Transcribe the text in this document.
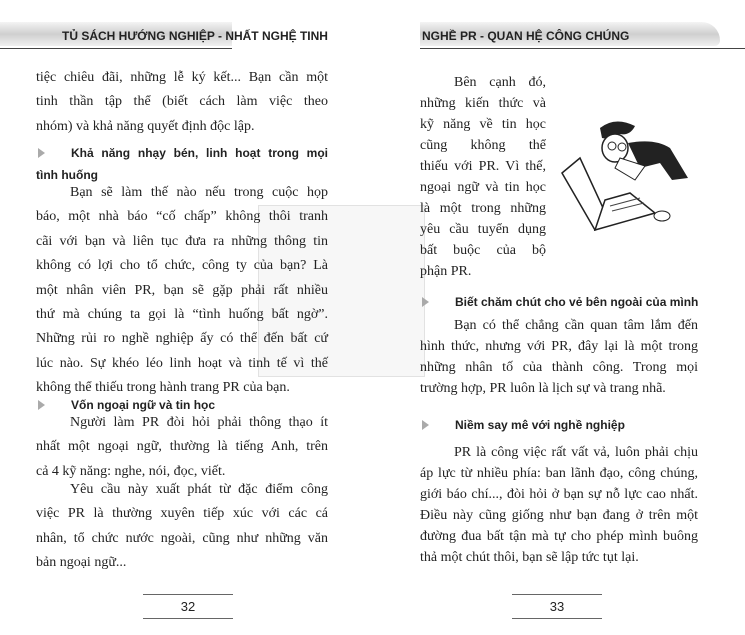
TỦ SÁCH HƯỚNG NGHIỆP - NHẤT NGHỆ TINH	NGHỀ PR - QUAN HỆ CÔNG CHÚNG
tiệc chiêu đãi, những lễ ký kết... Bạn cần một
tinh thần tập thể (biết cách làm việc theo
nhóm) và khả năng quyết định độc lập.
Khả năng nhạy bén, linh hoạt trong mọi
tình huống
Bạn sẽ làm thế nào nếu trong cuộc họp
báo, một nhà báo “cố chấp” không thôi tranh
cãi với bạn và liên tục đưa ra những thông tin
không có lợi cho tổ chức, công ty của bạn? Là
một nhân viên PR, bạn sẽ gặp phải rất nhiều
thứ mà chúng ta gọi là “tình huống bất ngờ”.
Những rủi ro nghề nghiệp ấy có thể đến bất cứ
lúc nào. Sự khéo léo linh hoạt và tinh tế vì thế
không thể thiếu trong hành trang PR của bạn.
Vốn ngoại ngữ và tin học
Người làm PR đòi hỏi phải thông thạo ít
nhất một ngoại ngữ, thường là tiếng Anh, trên
cả 4 kỹ năng: nghe, nói, đọc, viết.
Yêu cầu này xuất phát từ đặc điểm công
việc PR là thường xuyên tiếp xúc với các cá
nhân, tổ chức nước ngoài, cũng như những văn
bản ngoại ngữ...
32
Bên cạnh đó,
những kiến thức và
kỹ năng về tin học
cũng không thể
thiếu với PR. Vì thế,
ngoại ngữ và tin học
là một trong những
yêu cầu tuyển dụng
bất buộc của bộ
phận PR.
Biết chăm chút cho vẻ bên ngoài của mình
Bạn có thể chẳng cần quan tâm lắm đến
hình thức, nhưng với PR, đây lại là một trong
những nhân tố của thành công. Trong mọi
trường hợp, PR luôn là lịch sự và trang nhã.
Niềm say mê với nghề nghiệp
PR là công việc rất vất vả, luôn phải chịu
áp lực từ nhiều phía: ban lãnh đạo, công chúng,
giới báo chí..., đòi hỏi ở bạn sự nỗ lực cao nhất.
Điều này cũng giống như bạn đang ở trên một
đường đua bất tận mà tự cho phép mình buông
thả một chút thôi, bạn sẽ lập tức tụt lại.
33
